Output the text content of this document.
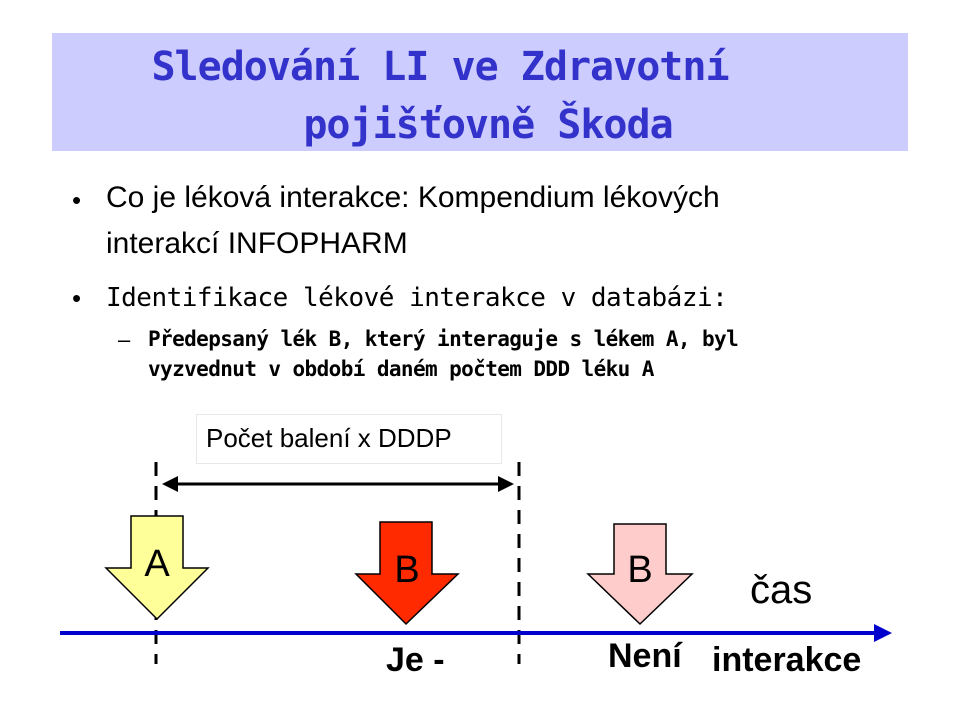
Sledování LI ve Zdravotní
pojišťovně Škoda
• Co je léková interakce: Kompendium lékových
interakcí INFOPHARM
• Identifikace lékové interakce v databázi:
– Předepsaný lék B, který interaguje s lékem A, byl
vyzvednut v období daném počtem DDD léku A
Počet balení x DDDP
A	B	B	čas
Je -	Není interakce
